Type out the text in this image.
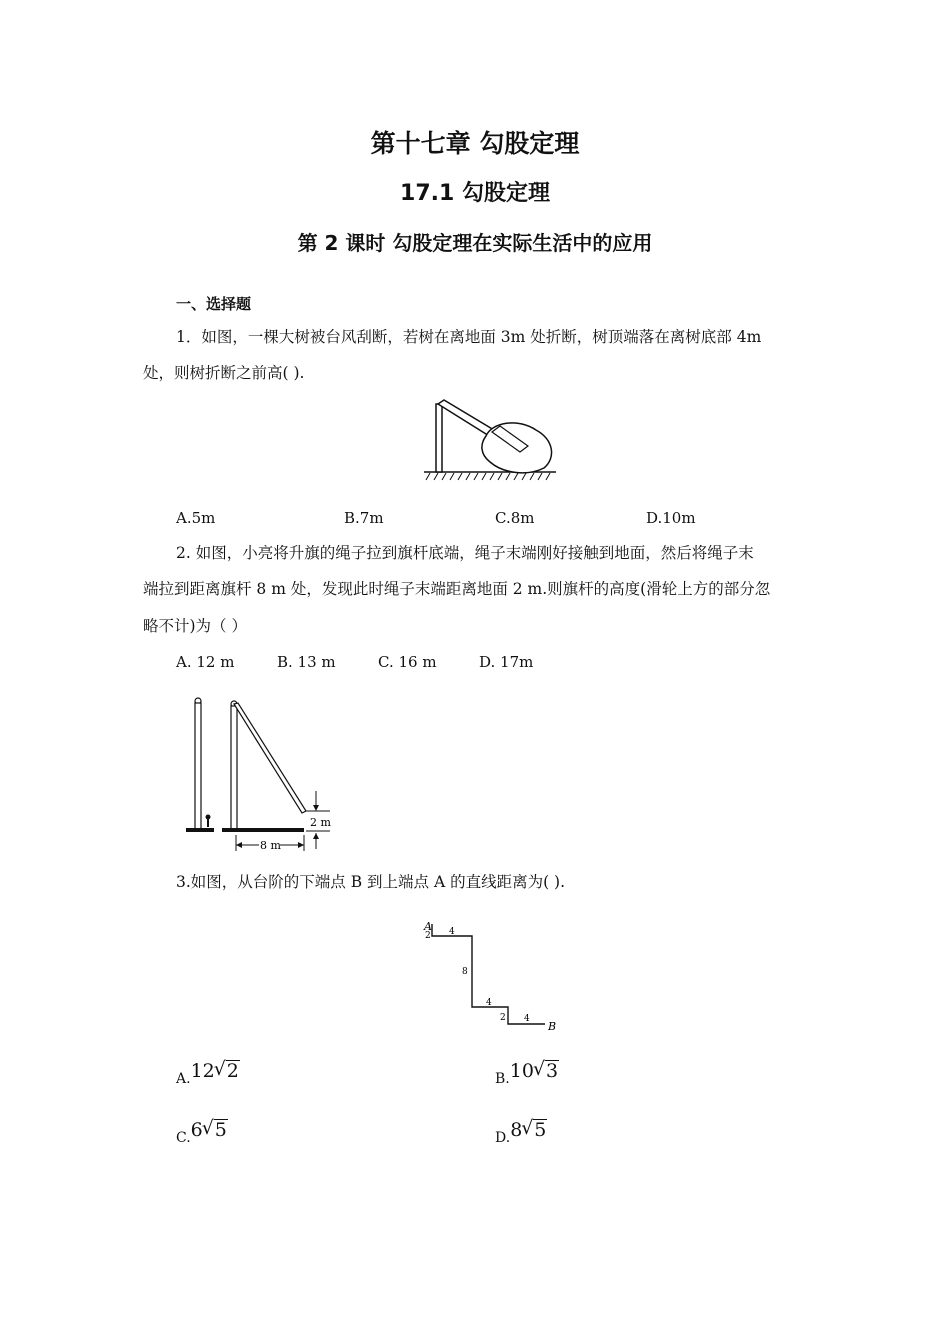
第十七章 勾股定理
17.1 勾股定理
第 2 课时 勾股定理在实际生活中的应用
一、选择题
1．如图，一棵大树被台风刮断，若树在离地面 3m 处折断，树顶端落在离树底部 4m
处，则树折断之前高( ).
A.5m	B.7m	C.8m	D.10m
2. 如图，小亮将升旗的绳子拉到旗杆底端，绳子末端刚好接触到地面，然后将绳子末
端拉到距离旗杆 8 m 处，发现此时绳子末端距离地面 2 m.则旗杆的高度(滑轮上方的部分忽
略不计)为（ ）
A. 12 m	B. 13 m	C. 16 m	D. 17m
2 m
8 m
3.如图，从台阶的下端点 B 到上端点 A 的直线距离为( ).
A
2 4
8
4
2 4
B
A.12 √ 2	B.10 √ 3
C.6 √ 5	D.8 √ 5
